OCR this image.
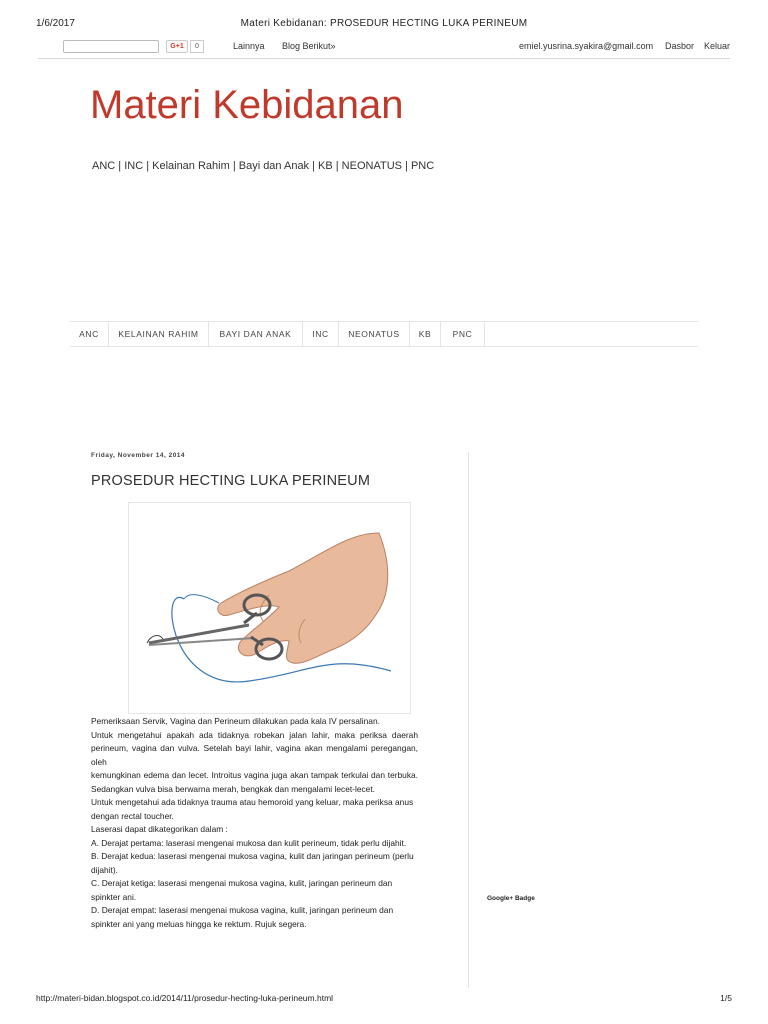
1/6/2017	Materi Kebidanan: PROSEDUR HECTING LUKA PERINEUM
G+1	0	Lainnya Blog Berikut»	emiel.yusrina.syakira@gmail.com Dasbor Keluar
Materi Kebidanan
ANC | INC | Kelainan Rahim | Bayi dan Anak | KB | NEONATUS | PNC
ANC	KELAINAN RAHIM	BAYI DAN ANAK	INC	NEONATUS	KB	PNC
Friday, November 14, 2014
PROSEDUR HECTING LUKA PERINEUM
Pemeriksaan Servik, Vagina dan Perineum dilakukan pada kala IV persalinan.
Untuk mengetahui apakah ada tidaknya robekan jalan lahir, maka periksa daerah
perineum, vagina dan vulva. Setelah bayi lahir, vagina akan mengalami peregangan, oleh
kemungkinan edema dan lecet. Introitus vagina juga akan tampak terkulai dan terbuka.
Sedangkan vulva bisa berwarna merah, bengkak dan mengalami lecet-lecet.
Untuk mengetahui ada tidaknya trauma atau hemoroid yang keluar, maka periksa anus
dengan rectal toucher.
Laserasi dapat dikategorikan dalam :
A. Derajat pertama: laserasi mengenai mukosa dan kulit perineum, tidak perlu dijahit.
B. Derajat kedua: laserasi mengenai mukosa vagina, kulit dan jaringan perineum (perlu
dijahit).
C. Derajat ketiga: laserasi mengenai mukosa vagina, kulit, jaringan perineum dan
spinkter ani.
D. Derajat empat: laserasi mengenai mukosa vagina, kulit, jaringan perineum dan
spinkter ani yang meluas hingga ke rektum. Rujuk segera.
Google+ Badge
http://materi-bidan.blogspot.co.id/2014/11/prosedur-hecting-luka-perineum.html	1/5
